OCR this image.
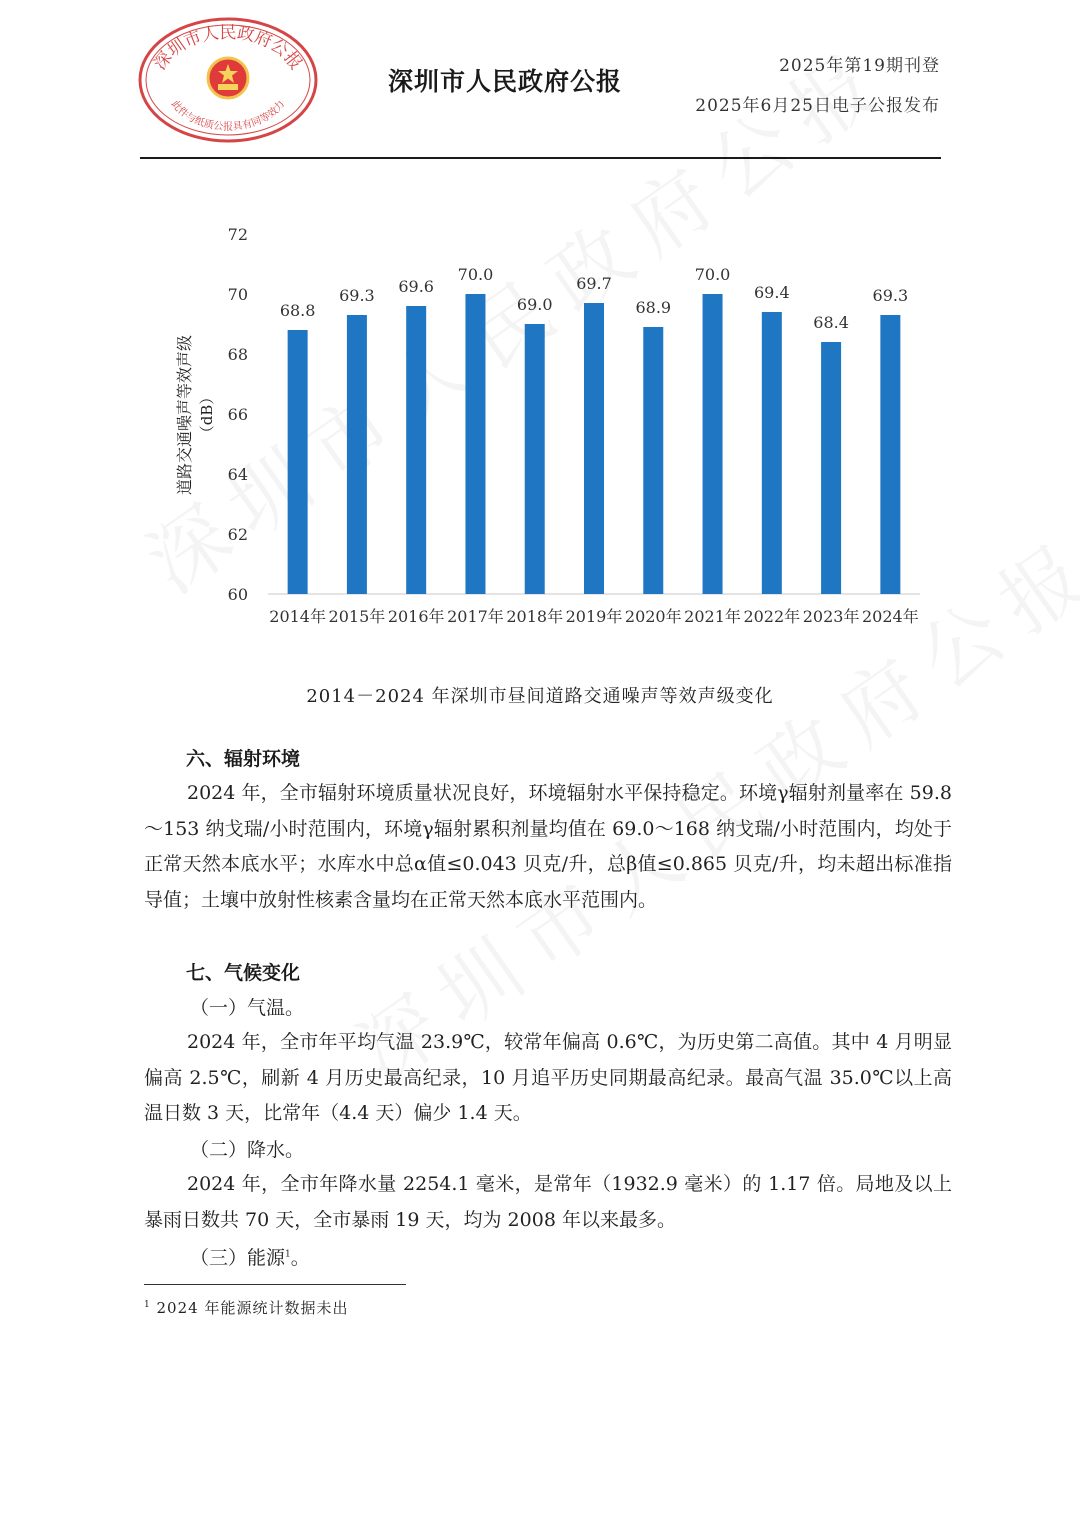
深圳市人民政府公报
此件与纸质公报具有同等效力
深圳市人民政府公报
2025年第19期刊登
2025年6月25日电子公报发布
道路交通噪声等效声级 （dB）
60
62
64
66
68
70
72
68.8
69.3 69.6
70.0
69.0
69.7
68.9
70.0
69.4
68.4
69.3
2014年 2015年 2016年 2017年 2018年 2019年 2020年 2021年 2022年 2023年 2024年
2014－2024 年深圳市昼间道路交通噪声等效声级变化
六、辐射环境

2024 年，全市辐射环境质量状况良好，环境辐射水平保持稳定。环境γ辐射剂量率在 59.8～153 纳戈瑞/小时范围内，环境γ辐射累积剂量均值在 69.0～168 纳戈瑞/小时范围内，均处于正常天然本底水平；水库水中总α值≤0.043 贝克/升，总β值≤0.865 贝克/升，均未超出标准指导值；土壤中放射性核素含量均在正常天然本底水平范围内。

七、气候变化
（一）气温。

2024 年，全市年平均气温 23.9℃，较常年偏高 0.6℃，为历史第二高值。其中 4 月明显偏高 2.5℃，刷新 4 月历史最高纪录，10 月追平历史同期最高纪录。最高气温 35.0℃以上高温日数 3 天，比常年（4.4 天）偏少 1.4 天。

（二）降水。

2024 年，全市年降水量 2254.1 毫米，是常年（1932.9 毫米）的 1.17 倍。局地及以上暴雨日数共 70 天，全市暴雨 19 天，均为 2008 年以来最多。

（三）能源$^1$。
$^1$ 2024 年能源统计数据未出
